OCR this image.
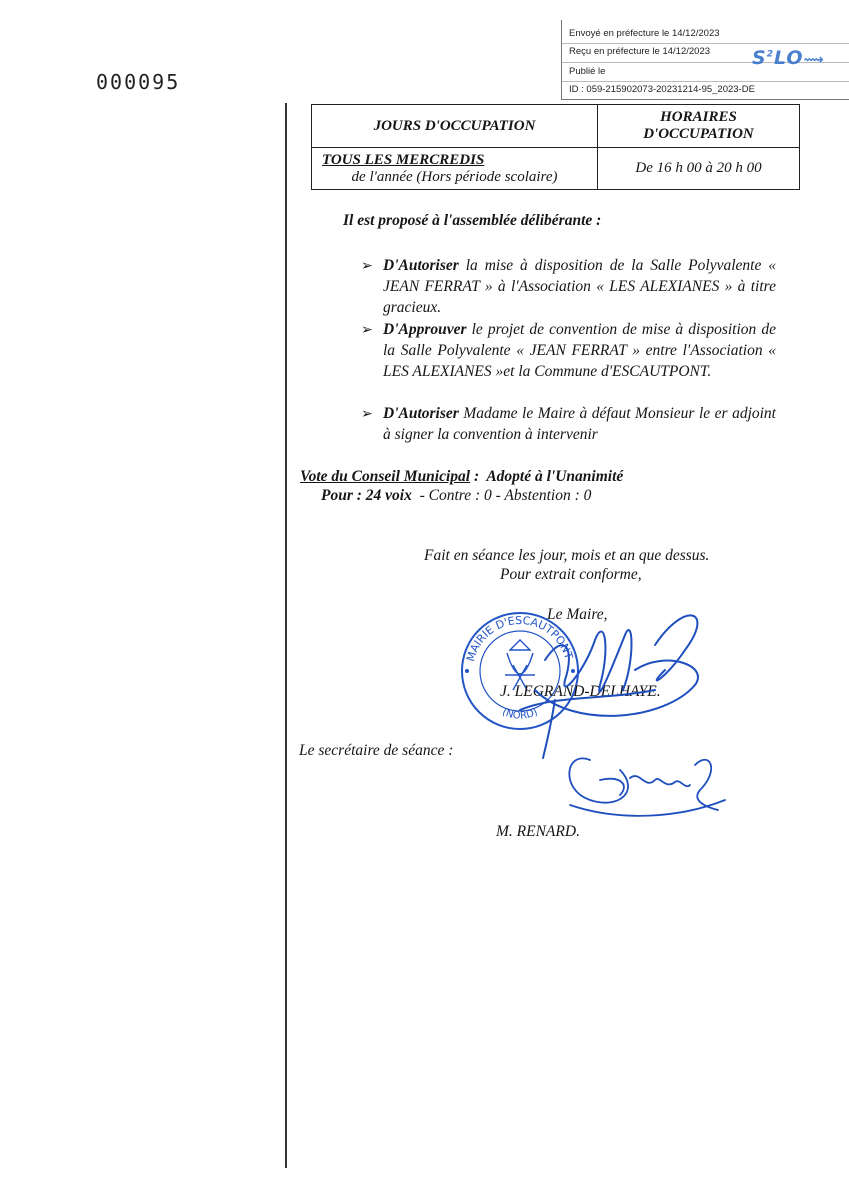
Envoyé en préfecture le 14/12/2023
Reçu en préfecture le 14/12/2023
Publié le
ID : 059-215902073-20231214-95_2023-DE
$S^2LO⟿$
000095
JOURS D'OCCUPATION	HORAIRES
D'OCCUPATION

TOUS LES MERCREDIS
de l'année (Hors période scolaire)	De 16 h 00 à 20 h 00
Il est proposé à l'assemblée délibérante :
➢ D'Autoriser la mise à disposition de la Salle Polyvalente « JEAN FERRAT » à l'Association « LES ALEXIANES » à titre gracieux.
➢ D'Approuver le projet de convention de mise à disposition de la Salle Polyvalente « JEAN FERRAT » entre l'Association « LES ALEXIANES »et la Commune d'ESCAUTPONT.
➢ D'Autoriser Madame le Maire à défaut Monsieur le er adjoint à signer la convention à intervenir
Vote du Conseil Municipal :  Adopté à l'Unanimité
Pour : 24 voix  - Contre : 0 - Abstention : 0
Fait en séance les jour, mois et an que dessus.
Pour extrait conforme,
MAIRIE D'ESCAUTPONT
(NORD)
Le Maire,
J. LEGRAND-DELHAYE.
Le secrétaire de séance :
M. RENARD.
